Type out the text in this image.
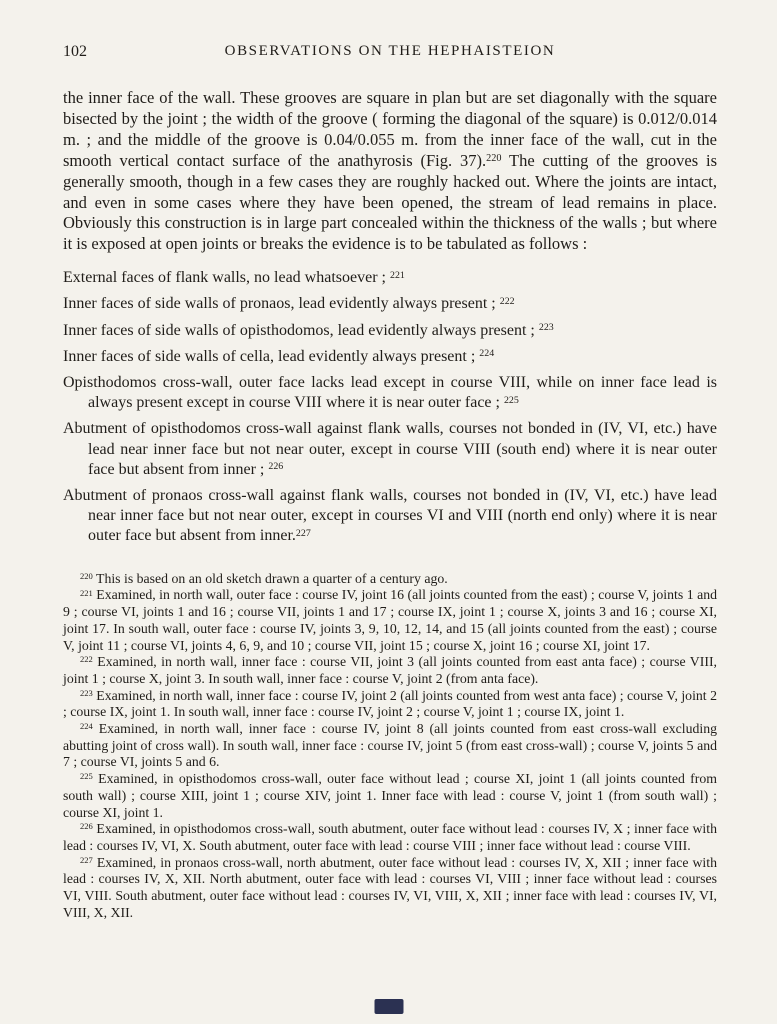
102	OBSERVATIONS ON THE HEPHAISTEION
the inner face of the wall. These grooves are square in plan but are set diagonally with the square bisected by the joint ; the width of the groove ( forming the diagonal of the square) is 0.012/0.014 m. ; and the middle of the groove is 0.04/0.055 m. from the inner face of the wall, cut in the smooth vertical contact surface of the anathyrosis (Fig. 37).$^{220}$ The cutting of the grooves is generally smooth, though in a few cases they are roughly hacked out. Where the joints are intact, and even in some cases where they have been opened, the stream of lead remains in place. Obviously this construction is in large part concealed within the thickness of the walls ; but where it is exposed at open joints or breaks the evidence is to be tabulated as follows :
External faces of flank walls, no lead whatsoever ; $^{221}$
Inner faces of side walls of pronaos, lead evidently always present ; $^{222}$
Inner faces of side walls of opisthodomos, lead evidently always present ; $^{223}$
Inner faces of side walls of cella, lead evidently always present ; $^{224}$
Opisthodomos cross-wall, outer face lacks lead except in course VIII, while on inner face lead is always present except in course VIII where it is near outer face ; $^{225}$
Abutment of opisthodomos cross-wall against flank walls, courses not bonded in (IV, VI, etc.) have lead near inner face but not near outer, except in course VIII (south end) where it is near outer face but absent from inner ; $^{226}$
Abutment of pronaos cross-wall against flank walls, courses not bonded in (IV, VI, etc.) have lead near inner face but not near outer, except in courses VI and VIII (north end only) where it is near outer face but absent from inner.$^{227}$
$^{220}$ This is based on an old sketch drawn a quarter of a century ago.
$^{221}$ Examined, in north wall, outer face : course IV, joint 16 (all joints counted from the east) ; course V, joints 1 and 9 ; course VI, joints 1 and 16 ; course VII, joints 1 and 17 ; course IX, joint 1 ; course X, joints 3 and 16 ; course XI, joint 17. In south wall, outer face : course IV, joints 3, 9, 10, 12, 14, and 15 (all joints counted from the east) ; course V, joint 11 ; course VI, joints 4, 6, 9, and 10 ; course VII, joint 15 ; course X, joint 16 ; course XI, joint 17.
$^{222}$ Examined, in north wall, inner face : course VII, joint 3 (all joints counted from east anta face) ; course VIII, joint 1 ; course X, joint 3. In south wall, inner face : course V, joint 2 (from anta face).
$^{223}$ Examined, in north wall, inner face : course IV, joint 2 (all joints counted from west anta face) ; course V, joint 2 ; course IX, joint 1. In south wall, inner face : course IV, joint 2 ; course V, joint 1 ; course IX, joint 1.
$^{224}$ Examined, in north wall, inner face : course IV, joint 8 (all joints counted from east cross-wall excluding abutting joint of cross wall). In south wall, inner face : course IV, joint 5 (from east cross-wall) ; course V, joints 5 and 7 ; course VI, joints 5 and 6.
$^{225}$ Examined, in opisthodomos cross-wall, outer face without lead ; course XI, joint 1 (all joints counted from south wall) ; course XIII, joint 1 ; course XIV, joint 1. Inner face with lead : course V, joint 1 (from south wall) ; course XI, joint 1.
$^{226}$ Examined, in opisthodomos cross-wall, south abutment, outer face without lead : courses IV, X ; inner face with lead : courses IV, VI, X. South abutment, outer face with lead : course VIII ; inner face without lead : course VIII.
$^{227}$ Examined, in pronaos cross-wall, north abutment, outer face without lead : courses IV, X, XII ; inner face with lead : courses IV, X, XII. North abutment, outer face with lead : courses VI, VIII ; inner face without lead : courses VI, VIII. South abutment, outer face without lead : courses IV, VI, VIII, X, XII ; inner face with lead : courses IV, VI, VIII, X, XII.
